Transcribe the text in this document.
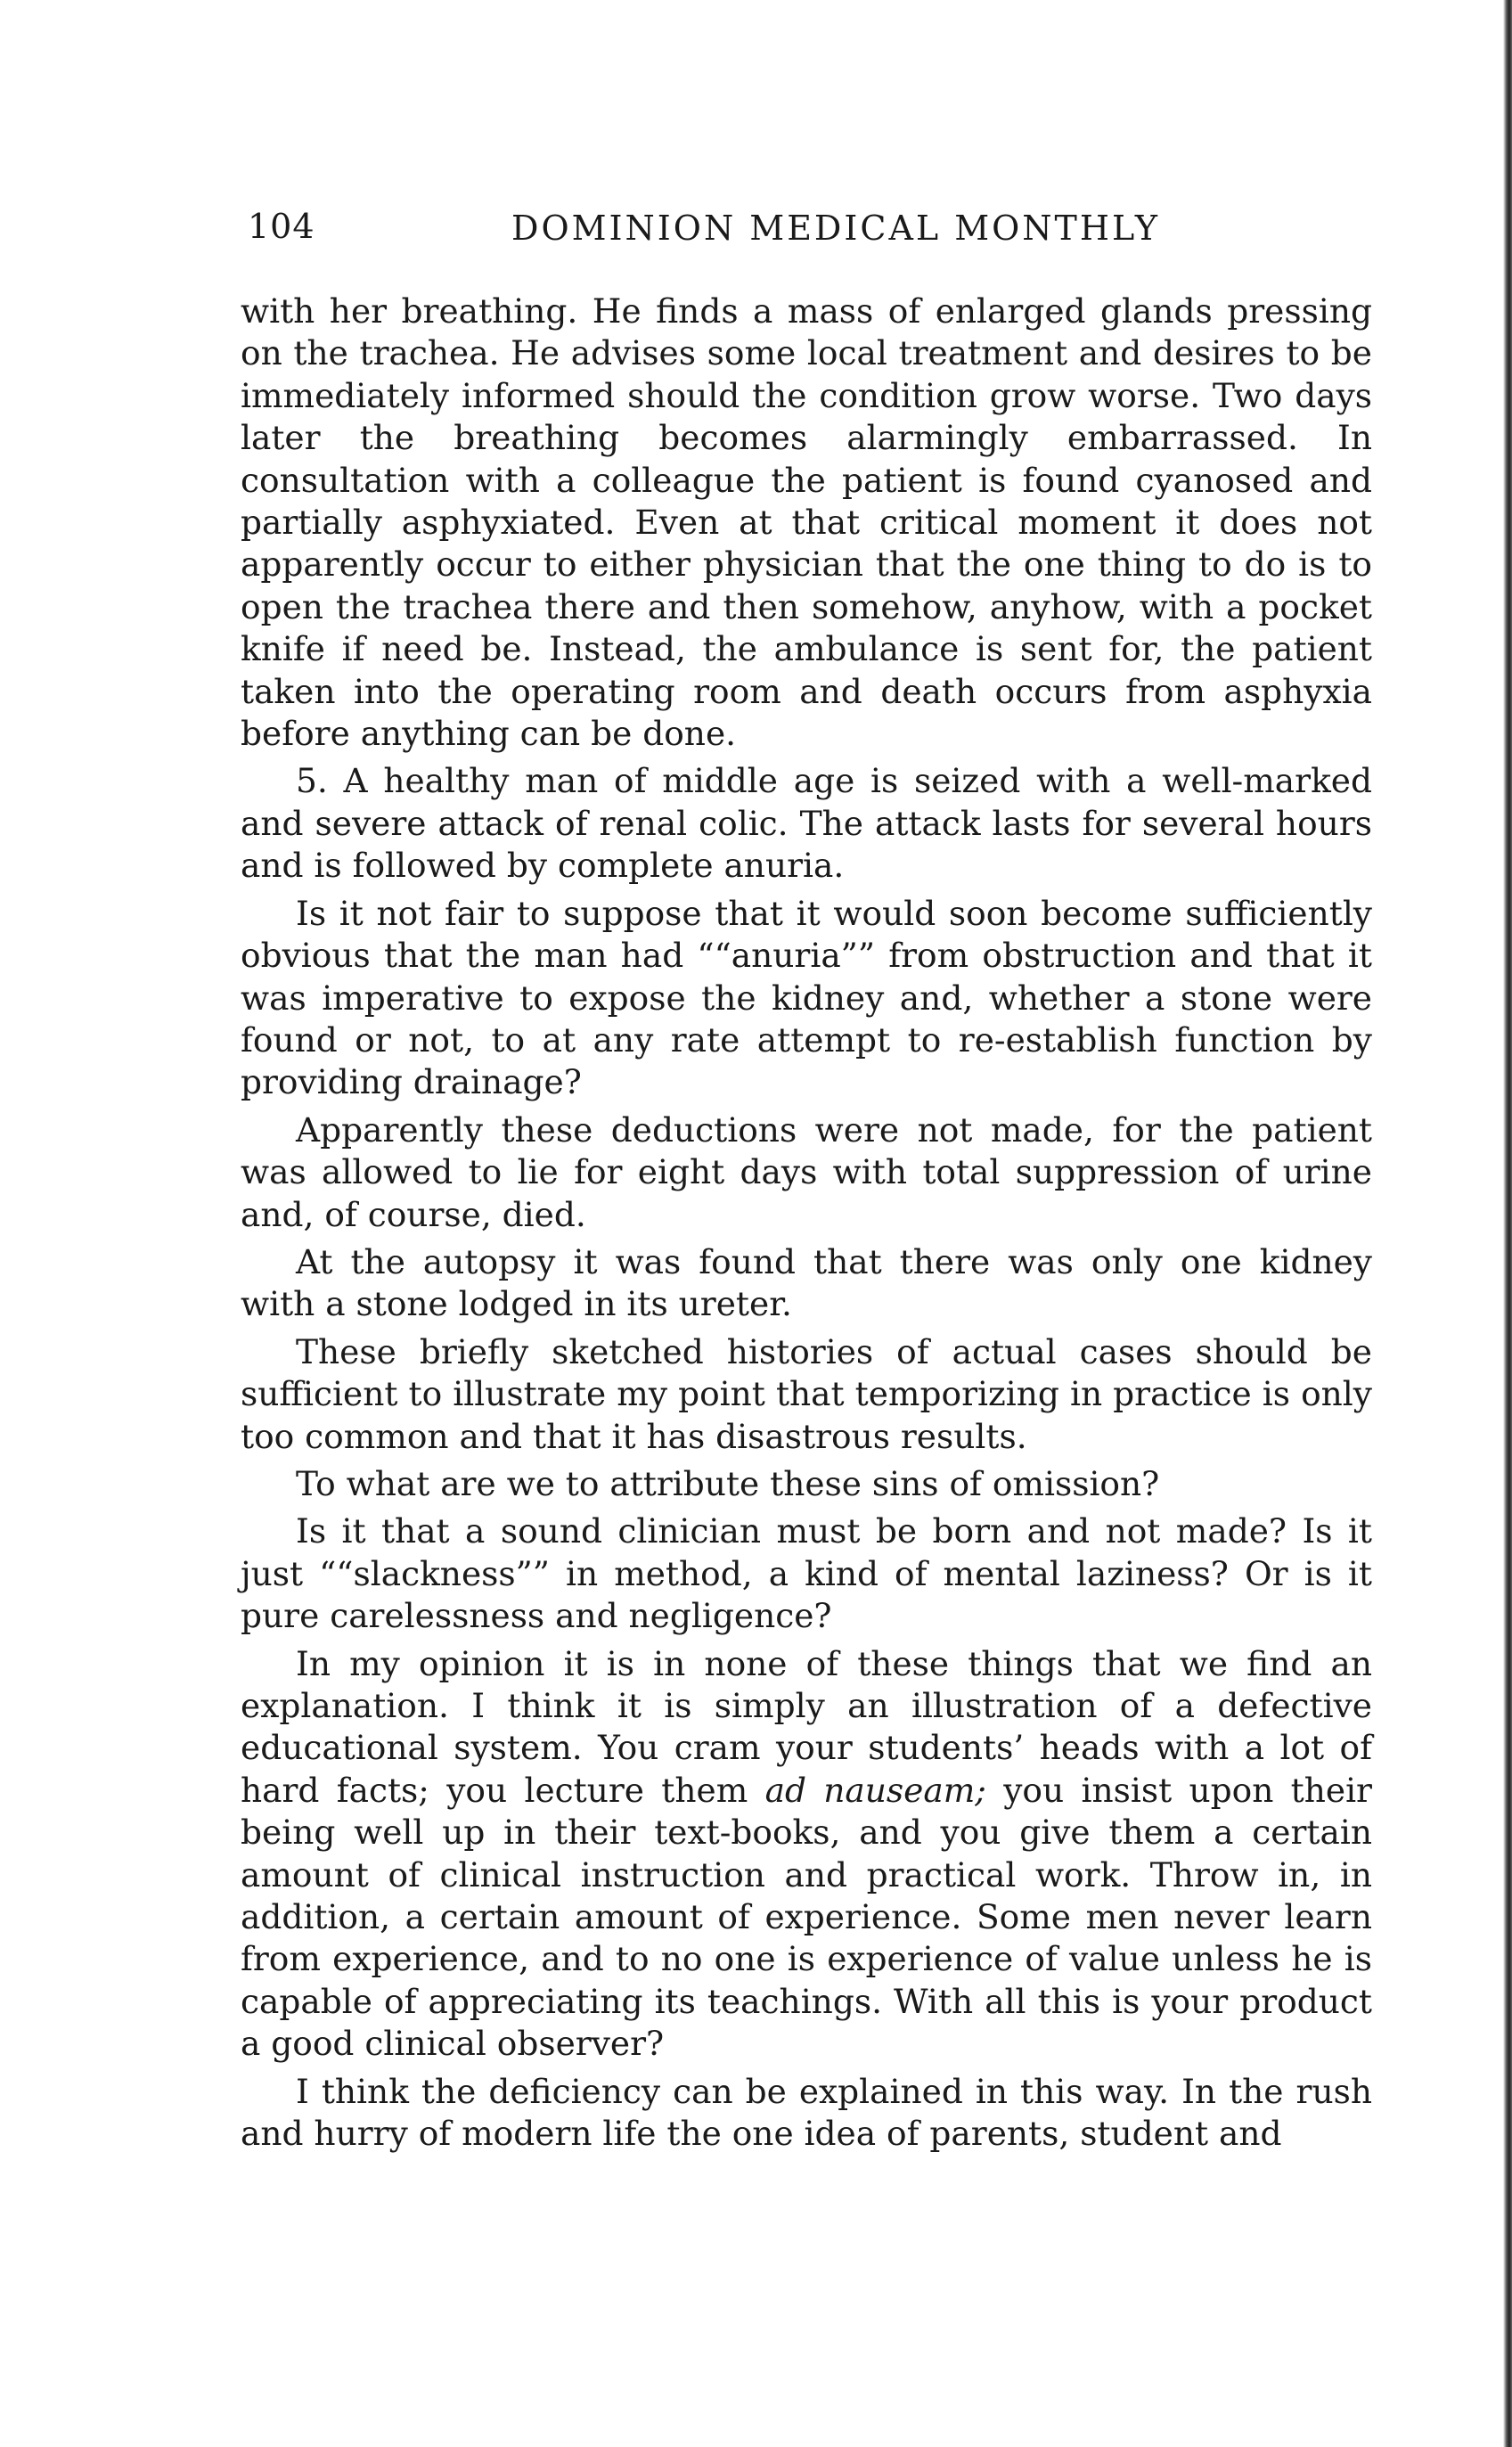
104	DOMINION MEDICAL MONTHLY

with her breathing. He finds a mass of enlarged glands pressing on the trachea. He advises some local treatment and desires to be immediately informed should the condition grow worse. Two days later the breathing becomes alarmingly embarrassed. In consultation with a colleague the patient is found cyanosed and partially asphyxiated. Even at that critical moment it does not apparently occur to either physician that the one thing to do is to open the trachea there and then somehow, anyhow, with a pocket knife if need be. Instead, the ambulance is sent for, the patient taken into the operating room and death occurs from asphyxia before anything can be done.

5. A healthy man of middle age is seized with a well-marked and severe attack of renal colic. The attack lasts for several hours and is followed by complete anuria.

Is it not fair to suppose that it would soon become sufficiently obvious that the man had ““anuria”” from obstruction and that it was imperative to expose the kidney and, whether a stone were found or not, to at any rate attempt to re-establish function by providing drainage?

Apparently these deductions were not made, for the patient was allowed to lie for eight days with total suppression of urine and, of course, died.

At the autopsy it was found that there was only one kidney with a stone lodged in its ureter.

These briefly sketched histories of actual cases should be sufficient to illustrate my point that temporizing in practice is only too common and that it has disastrous results.

To what are we to attribute these sins of omission?

Is it that a sound clinician must be born and not made? Is it just ““slackness”” in method, a kind of mental laziness? Or is it pure carelessness and negligence?

In my opinion it is in none of these things that we find an explanation. I think it is simply an illustration of a defective educational system. You cram your students’ heads with a lot of hard facts; you lecture them ad nauseam; you insist upon their being well up in their text-books, and you give them a certain amount of clinical instruction and practical work. Throw in, in addition, a certain amount of experience. Some men never learn from experience, and to no one is experience of value unless he is capable of appreciating its teachings. With all this is your product a good clinical observer?

I think the deficiency can be explained in this way. In the rush and hurry of modern life the one idea of parents, student and
